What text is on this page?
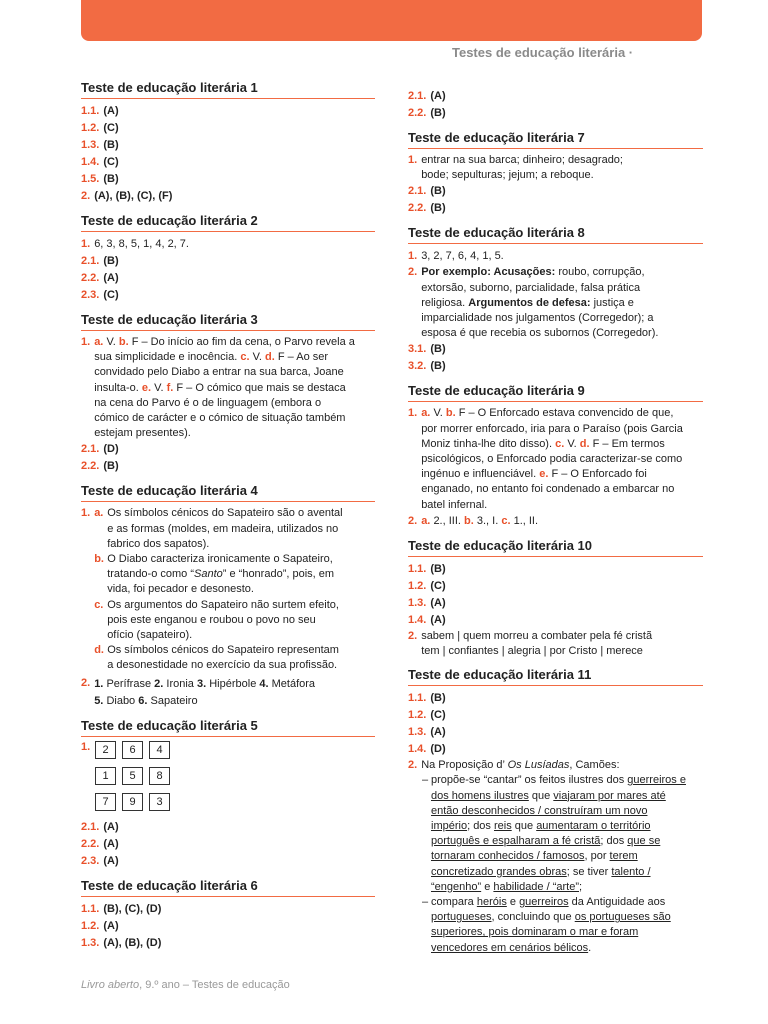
Testes de educação literária ·
Teste de educação literária 1
1.1. (A)
1.2. (C)
1.3. (B)
1.4. (C)
1.5. (B)
2. (A), (B), (C), (F)
Teste de educação literária 2
1. 6, 3, 8, 5, 1, 4, 2, 7.
2.1. (B)
2.2. (A)
2.3. (C)
Teste de educação literária 3
1. a. V. b. F – Do início ao fim da cena, o Parvo revela a
sua simplicidade e inocência. c. V. d. F – Ao ser
convidado pelo Diabo a entrar na sua barca, Joane
insulta-o. e. V. f. F – O cómico que mais se destaca
na cena do Parvo é o de linguagem (embora o
cómico de carácter e o cómico de situação também
estejam presentes).
2.1. (D)
2.2. (B)
Teste de educação literária 4
1. a. Os símbolos cénicos do Sapateiro são o avental
e as formas (moldes, em madeira, utilizados no
fabrico dos sapatos).
b. O Diabo caracteriza ironicamente o Sapateiro,
tratando-o como “Santo” e “honrado”, pois, em
vida, foi pecador e desonesto.
c. Os argumentos do Sapateiro não surtem efeito,
pois este enganou e roubou o povo no seu
ofício (sapateiro).
d. Os símbolos cénicos do Sapateiro representam
a desonestidade no exercício da sua profissão.
2. 1. Perífrase 2. Ironia 3. Hipérbole 4. Metáfora
5. Diabo 6. Sapateiro
Teste de educação literária 5
1.	2	6	4
1	5	8
7	9	3
2.1. (A)
2.2. (A)
2.3. (A)
Teste de educação literária 6
1.1. (B), (C), (D)
1.2. (A)
1.3. (A), (B), (D)
2.1. (A)
2.2. (B)
Teste de educação literária 7
1. entrar na sua barca; dinheiro; desagrado;
bode; sepulturas; jejum; a reboque.
2.1. (B)
2.2. (B)
Teste de educação literária 8
1. 3, 2, 7, 6, 4, 1, 5.
2. Por exemplo: Acusações: roubo, corrupção,
extorsão, suborno, parcialidade, falsa prática
religiosa. Argumentos de defesa: justiça e
imparcialidade nos julgamentos (Corregedor); a
esposa é que recebia os subornos (Corregedor).
3.1. (B)
3.2. (B)
Teste de educação literária 9
1. a. V. b. F – O Enforcado estava convencido de que,
por morrer enforcado, iria para o Paraíso (pois Garcia
Moniz tinha-lhe dito disso). c. V. d. F – Em termos
psicológicos, o Enforcado podia caracterizar-se como
ingénuo e influenciável. e. F – O Enforcado foi
enganado, no entanto foi condenado a embarcar no
batel infernal.
2. a. 2., III. b. 3., I. c. 1., II.
Teste de educação literária 10
1.1. (B)
1.2. (C)
1.3. (A)
1.4. (A)
2. sabem | quem morreu a combater pela fé cristã
tem | confiantes | alegria | por Cristo | merece
Teste de educação literária 11
1.1. (B)
1.2. (C)
1.3. (A)
1.4. (D)
2. Na Proposição d’ Os Lusíadas, Camões:
– propõe-se “cantar” os feitos ilustres dos guerreiros e
dos homens ilustres que viajaram por mares até
então desconhecidos / construíram um novo
império; dos reis que aumentaram o território
português e espalharam a fé cristã; dos que se
tornaram conhecidos / famosos, por terem
concretizado grandes obras; se tiver talento /
“engenho” e habilidade / “arte”;
– compara heróis e guerreiros da Antiguidade aos
portugueses, concluindo que os portugueses são
superiores, pois dominaram o mar e foram
vencedores em cenários bélicos.
Livro aberto, 9.º ano – Testes de educação
